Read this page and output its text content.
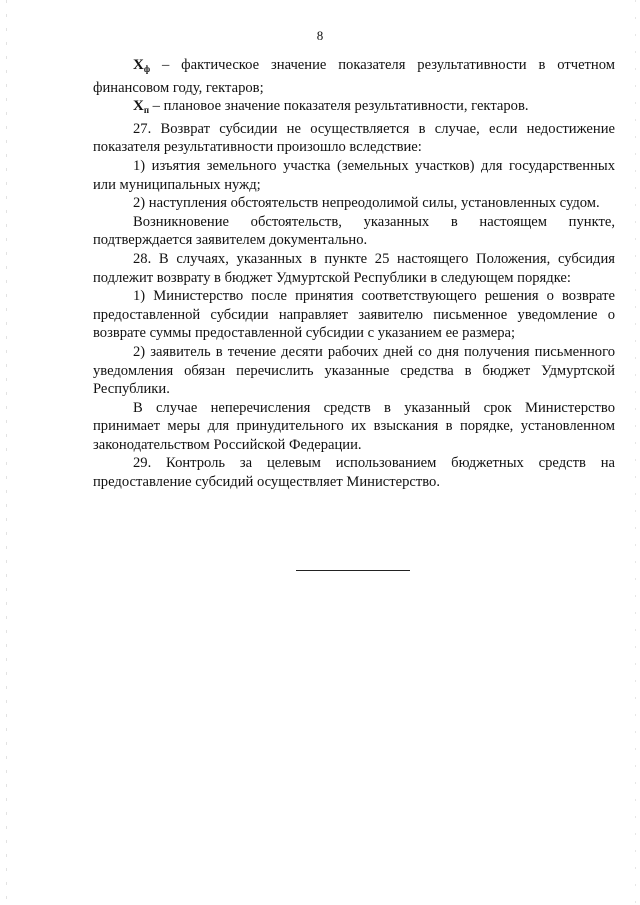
8

$X_ф$ – фактическое значение показателя результативности в отчетном финансовом году, гектаров;

$X_п$ – плановое значение показателя результативности, гектаров.

27. Возврат субсидии не осуществляется в случае, если недостижение показателя результативности произошло вследствие:

1) изъятия земельного участка (земельных участков) для государственных или муниципальных нужд;

2) наступления обстоятельств непреодолимой силы, установленных судом.

Возникновение обстоятельств, указанных в настоящем пункте, подтверждается заявителем документально.

28. В случаях, указанных в пункте 25 настоящего Положения, субсидия подлежит возврату в бюджет Удмуртской Республики в следующем порядке:

1) Министерство после принятия соответствующего решения о возврате предоставленной субсидии направляет заявителю письменное уведомление о возврате суммы предоставленной субсидии с указанием ее размера;

2) заявитель в течение десяти рабочих дней со дня получения письменного уведомления обязан перечислить указанные средства в бюджет Удмуртской Республики.

В случае неперечисления средств в указанный срок Министерство принимает меры для принудительного их взыскания в порядке, установленном законодательством Российской Федерации.

29. Контроль за целевым использованием бюджетных средств на предоставление субсидий осуществляет Министерство.
